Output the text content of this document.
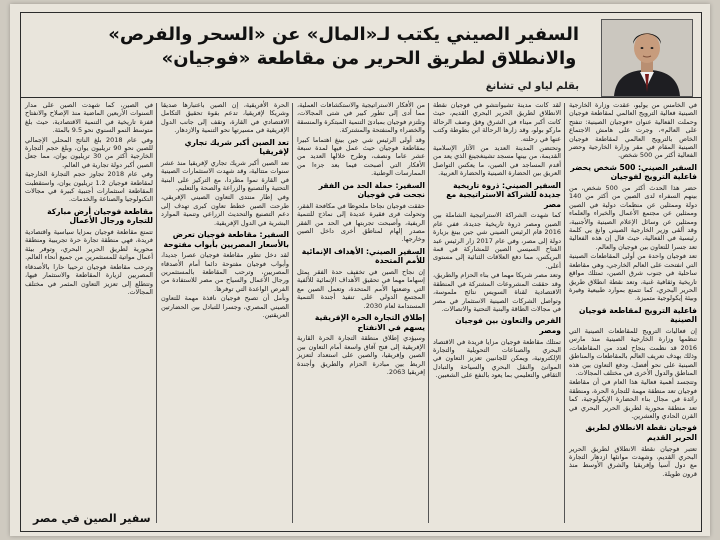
السفير الصيني يكتب لـ«المال» عن «السحر والفرص»
والانطلاق لطريق الحرير من مقاطعة «فوجيان»
بقلم لياو لي تشانغ

في الخامس من يوليو، عقدت وزارة الخارجية الصينية فعالية الترويج العالمي لمقاطعة فوجيان وحملت الفعالية عنوان «فوجيان الصينية: تنفتح على العالم»، وجرت على هامش الاجتماع الخاص بالترويج العالمي لمقاطعة فوجيان الصينية المقام في مقر وزارة الخارجية وحضر الفعالية أكثر من 500 شخص.

السفير الصيني: 500 شخص يحضر فاعلية الترويج لفوجيان

حضر هذا الحدث أكثر من 500 شخص، من بينهم السفراء لدى الصين من أكثر من 140 دولة وممثلين عن منظمات دولية في الصين وممثلين عن مجتمع الأعمال والخبراء والعلماء وممثلين عن وسائل الإعلام الصينية والأجنبية، وقد ألقى وزير الخارجية الصيني وانغ يي كلمة رئيسية في الفعالية، حيث قال إن هذه الفعالية تعد جسرا للتعاون بين فوجيان والعالم.

تعد فوجيان واحدة من أولى المقاطعات الصينية التي انفتحت على العالم الخارجي، وهي مقاطعة ساحلية في جنوب شرق الصين، تمتلك مواقع تاريخية وثقافية غنية، وتعد نقطة انطلاق طريق الحرير البحري، كما تتمتع بموارد طبيعية وفيرة وبيئة إيكولوجية متميزة.

فاعلية الترويج لمقاطعة فوجيان الصينية

إن فعاليات الترويج للمقاطعات الصينية التي تنظمها وزارة الخارجية الصينية منذ مارس 2016 قد نظمت بنجاح لعدد من المقاطعات، وذلك بهدف تعريف العالم بالمقاطعات والمناطق الصينية على نحو أفضل، ودفع التعاون بين هذه المناطق والدول الأخرى في مختلف المجالات.

وتتجسد أهمية فعالية هذا العام في أن مقاطعة فوجيان تعد منطقة مهمة للتجارة الحرة، ومنطقة رائدة في مجال بناء الحضارة الإيكولوجية، كما تعد منطقة محورية لطريق الحرير البحري في القرن الحادي والعشرين.

فوجيان نقطة الانطلاق لطريق الحرير القديم

تعتبر فوجيان نقطة الانطلاق لطريق الحرير البحري القديم، وشهدت موانئها ازدهار التجارة مع دول آسيا وإفريقيا والشرق الأوسط منذ قرون طويلة.

لقد كانت مدينة تشيوانتشو في فوجيان نقطة الانطلاق لطريق الحرير البحري القديم، حيث كانت أكبر ميناء في الشرق وفق وصف الرحالة ماركو بولو، وقد زارها الرحالة ابن بطوطة وكتب عنها في رحلته.

وتحتضن المدينة العديد من الآثار الإسلامية القديمة، من بينها مسجد تشينغجينغ الذي يعد من أقدم المساجد في الصين، ما يعكس التواصل العريق بين الحضارة الصينية والحضارة العربية.

السفير الصيني: ذروة تاريخية جديدة للشراكة الاستراتيجية مع مصر

كما شهدت الشراكة الاستراتيجية الشاملة بين الصين ومصر ذروة تاريخية جديدة، ففي عام 2016 قام الرئيس الصيني شي جين بينغ بزيارة دولة إلى مصر، وفي عام 2017 زار الرئيس عبد الفتاح السيسي الصين للمشاركة في قمة البريكس، مما دفع العلاقات الثنائية إلى مستوى أعلى.

وتعد مصر شريكا مهما في بناء الحزام والطريق، وقد حققت المشروعات المشتركة في المنطقة الاقتصادية لقناة السويس نتائج ملموسة، وتواصل الشركات الصينية الاستثمار في مصر في مجالات الطاقة والبنية التحتية والاتصالات.

الفرص والتعاون بين فوجيان ومصر

تمتلك مقاطعة فوجيان مزايا فريدة في الاقتصاد البحري والصناعات التحويلية والتجارة الإلكترونية، ويمكن للجانبين تعزيز التعاون في الموانئ والنقل البحري والسياحة والتبادل الثقافي والتعليمي بما يعود بالنفع على الشعبين.

من الأفكار الاستراتيجية والاستكشافات العملية، مما أدى إلى تطور كبير في شتى المجالات، وتلتزم فوجيان بمبادئ التنمية المبتكرة والمنسقة والخضراء والمنفتحة والمشتركة.

وقد أولى الرئيس شي جين بينغ اهتماما كبيرا بمقاطعة فوجيان حيث عمل فيها لمدة سبعة عشر عاما ونصف، وطرح خلالها العديد من الأفكار التي أصبحت فيما بعد جزءا من الممارسات الوطنية.

السفير: حملة الحد من الفقر نجحت في فوجيان

حققت فوجيان نجاحا ملحوظا في مكافحة الفقر، وتحولت قرى فقيرة عديدة إلى نماذج للتنمية الريفية، وأصبحت تجربتها في الحد من الفقر مصدر إلهام لمناطق أخرى داخل الصين وخارجها.

السفير الصيني: الأهداف الإنمائية للأمم المتحدة

إن نجاح الصين في تخفيف حدة الفقر يمثل إسهاما مهما في تحقيق الأهداف الإنمائية للألفية التي وضعتها الأمم المتحدة، وتعمل الصين مع المجتمع الدولي على تنفيذ أجندة التنمية المستدامة لعام 2030.

إطلاق التجارة الحرة الإفريقية يسهم في الانفتاح

وسيؤدي إطلاق منطقة التجارة الحرة القارية الإفريقية إلى فتح آفاق واسعة أمام التعاون بين الصين وإفريقيا، والصين على استعداد لتعزيز الربط بين مبادرة الحزام والطريق وأجندة إفريقيا 2063.

الحرة الأفريقية، إن الصين باعتبارها صديقا وشريكا لإفريقيا، تدعم بقوة تحقيق التكامل الاقتصادي في القارة، وتقف إلى جانب الدول الإفريقية في مسيرتها نحو التنمية والازدهار.

تعد الصين أكبر شريك تجاري لإفريقيا

تعد الصين أكبر شريك تجاري لإفريقيا منذ عشر سنوات متتالية، وقد شهدت الاستثمارات الصينية في القارة نموا مطردا، مع التركيز على البنية التحتية والتصنيع والزراعة والصحة والتعليم.

وفي إطار منتدى التعاون الصيني الإفريقي، طرحت الصين خطط تعاون كبرى تهدف إلى دعم التصنيع والتحديث الزراعي وتنمية الموارد البشرية في الدول الإفريقية.

السفير: مقاطعة فوجيان تعرض بالأسعار المصريين بأبواب مفتوحة

لقد دخل تطور مقاطعة فوجيان عصرا جديدا، وأبواب فوجيان مفتوحة دائما أمام الأصدقاء المصريين، وترحب المقاطعة بالمستثمرين ورجال الأعمال والسياح من مصر للاستفادة من الفرص الواعدة التي توفرها.

ونأمل أن تصبح فوجيان نافذة مهمة للتعاون الصيني المصري، وجسرا للتبادل بين الحضارتين العريقتين.

في الصين، كما شهدت الصين على مدار السنوات الأربعين الماضية منذ الإصلاح والانفتاح قفزة تاريخية في التنمية الاقتصادية، حيث بلغ متوسط النمو السنوي نحو 9.5 بالمئة.

وفي عام 2018 بلغ الناتج المحلي الإجمالي للصين نحو 90 تريليون يوان، وبلغ حجم التجارة الخارجية أكثر من 30 تريليون يوان، مما جعل الصين أكبر دولة تجارية في العالم.

وفي عام 2018 تجاوز حجم التجارة الخارجية لمقاطعة فوجيان 1.2 تريليون يوان، واستقطبت المقاطعة استثمارات أجنبية كبيرة في مجالات التكنولوجيا والصناعة والخدمات.

مقاطعة فوجيان أرض مباركة للتجارة ورجال الأعمال

تتمتع مقاطعة فوجيان بمزايا سياسية واقتصادية فريدة، فهي منطقة تجارة حرة تجريبية ومنطقة محورية لطريق الحرير البحري، وتوفر بيئة أعمال مواتية للمستثمرين من جميع أنحاء العالم.

وترحب مقاطعة فوجيان ترحيبا حارا بالأصدقاء المصريين لزيارة المقاطعة والاستثمار فيها، وتتطلع إلى تعزيز التعاون المثمر في مختلف المجالات.

سفير الصين في مصر
